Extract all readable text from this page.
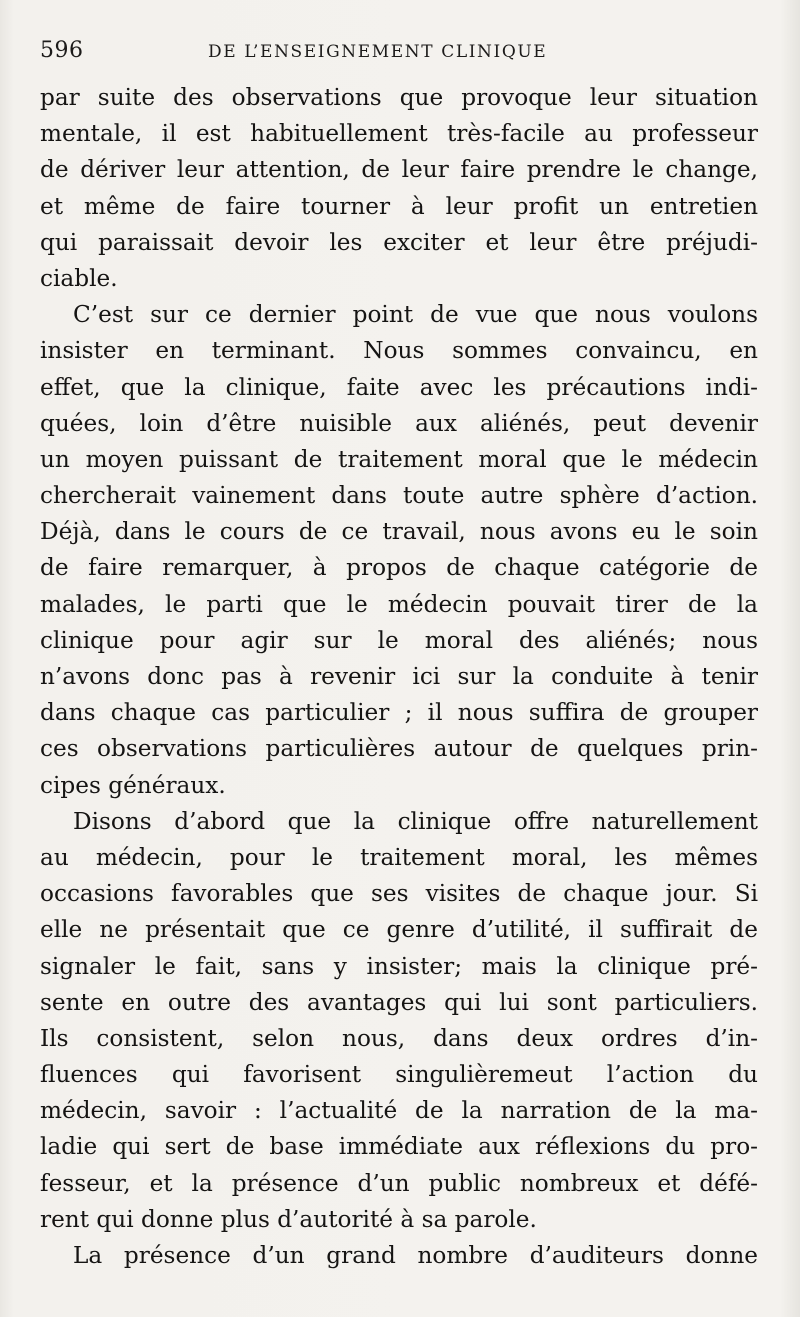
596	DE L’ENSEIGNEMENT CLINIQUE
par suite des observations que provoque leur situation
mentale, il est habituellement très-facile au professeur
de dériver leur attention, de leur faire prendre le change,
et même de faire tourner à leur profit un entretien
qui paraissait devoir les exciter et leur être préjudi-
ciable.
C’est sur ce dernier point de vue que nous voulons
insister en terminant. Nous sommes convaincu, en
effet, que la clinique, faite avec les précautions indi-
quées, loin d’être nuisible aux aliénés, peut devenir
un moyen puissant de traitement moral que le médecin
chercherait vainement dans toute autre sphère d’action.
Déjà, dans le cours de ce travail, nous avons eu le soin
de faire remarquer, à propos de chaque catégorie de
malades, le parti que le médecin pouvait tirer de la
clinique pour agir sur le moral des aliénés; nous
n’avons donc pas à revenir ici sur la conduite à tenir
dans chaque cas particulier ; il nous suffira de grouper
ces observations particulières autour de quelques prin-
cipes généraux.
Disons d’abord que la clinique offre naturellement
au médecin, pour le traitement moral, les mêmes
occasions favorables que ses visites de chaque jour. Si
elle ne présentait que ce genre d’utilité, il suffirait de
signaler le fait, sans y insister; mais la clinique pré-
sente en outre des avantages qui lui sont particuliers.
Ils consistent, selon nous, dans deux ordres d’in-
fluences qui favorisent singulièremeut l’action du
médecin, savoir : l’actualité de la narration de la ma-
ladie qui sert de base immédiate aux réflexions du pro-
fesseur, et la présence d’un public nombreux et défé-
rent qui donne plus d’autorité à sa parole.
La présence d’un grand nombre d’auditeurs donne
